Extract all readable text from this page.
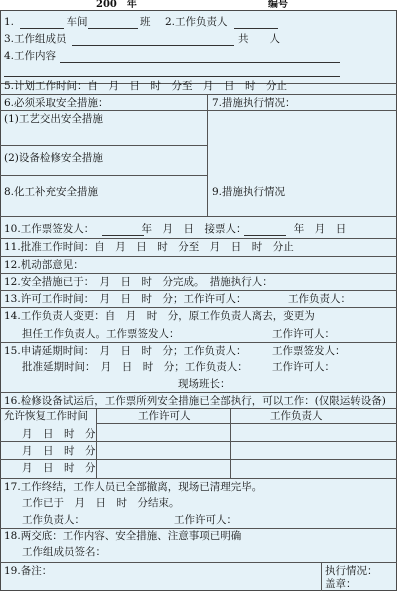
200　年	编号
1.　　　　　车间　　　　　班 2.工作负责人
3.工作组成员	共　　人
4.工作内容
5.计划工作时间：自　月　日　时　分至　月　日　时　分止
6.必须采取安全措施：	7.措施执行情况：
(1)工艺交出安全措施
(2)设备检修安全措施
8.化工补充安全措施	9.措施执行情况
10.工作票签发人：　　　　　年　月　日　接票人：　　　　　年　月　日
11.批准工作时间：自　月　日　时　分至　月　日　时　分止
12.机动部意见：
12.安全措施已于：　月　日　时　分完成。　措施执行人：
13.许可工作时间：　月　日　时　分；工作许可人：	工作负责人：
14.工作负责人变更：自　月　时　分，原工作负责人离去，变更为
担任工作负责人。工作票签发人：	工作许可人：
15.申请延期时间：　月　日　时　分；工作负责人： 工作票签发人：
批准延期时间：　月　日　时　分；工作负责人： 工作许可人：
现场班长：
16.检修设备试运后，工作票所列安全措施已全部执行，可以工作：(仅限运转设备)
允许恢复工作时间	工作许可人	工作负责人
月　日　时　分
月　日　时　分
月　日　时　分
17.工作终结，工作人员已全部撤离，现场已清理完毕。
工作已于　月　日　时　分结束。
工作负责人：	工作许可人：
18.两交底：工作内容、安全措施、注意事项已明确
工作组成员签名：
19.备注：	执行情况：
盖章：
